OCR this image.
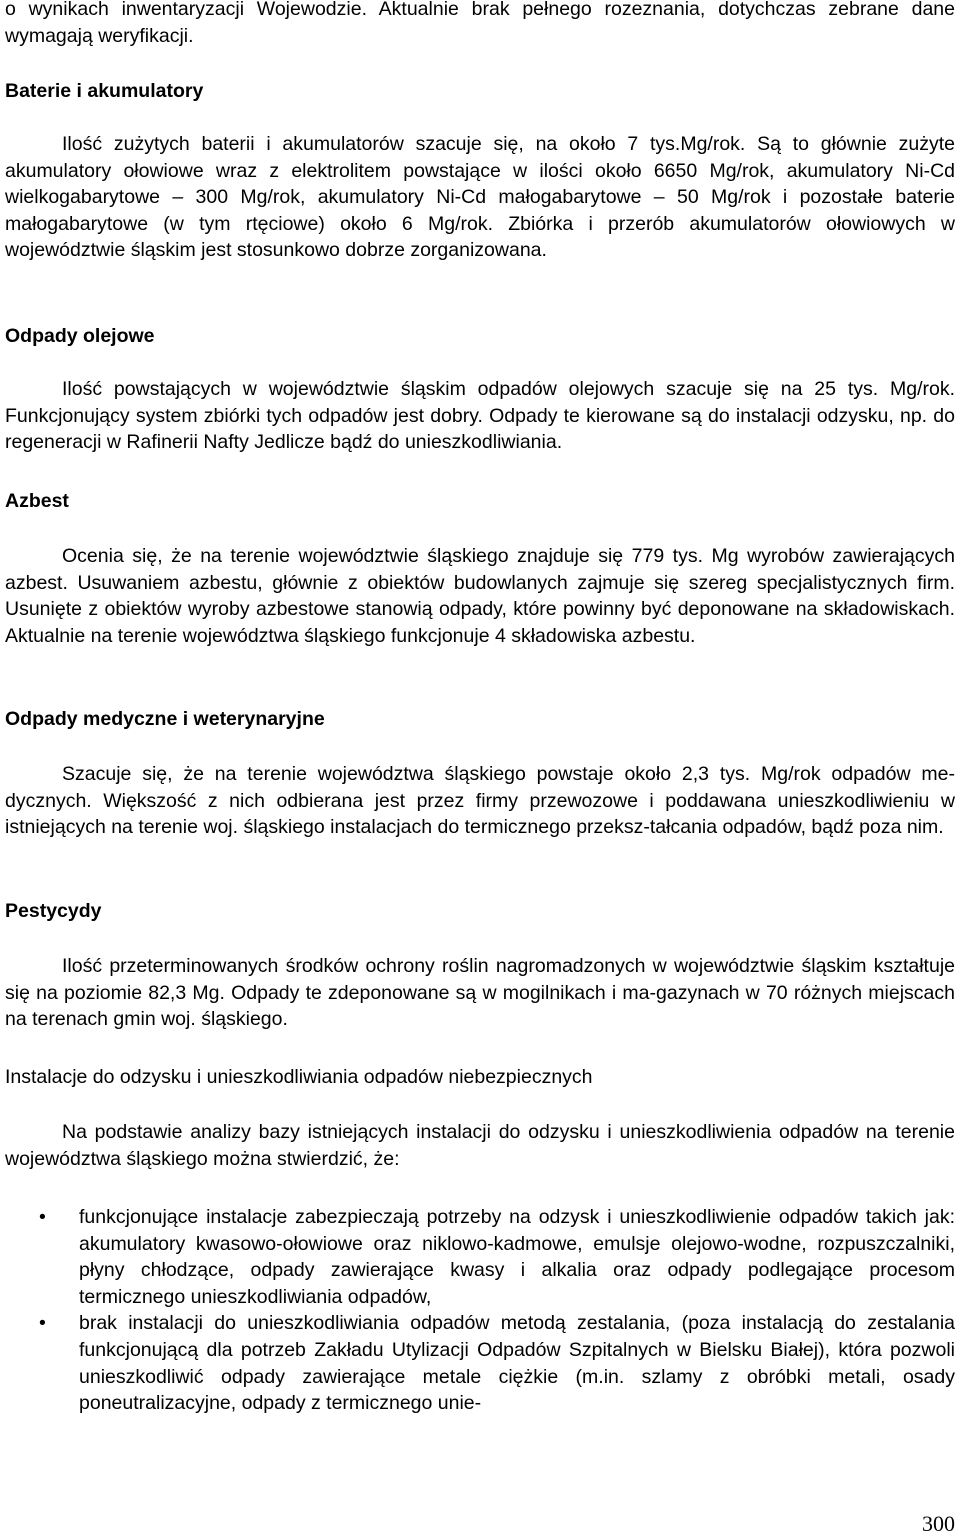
o wynikach inwentaryzacji Wojewodzie. Aktualnie brak pełnego rozeznania, dotychczas zebrane dane wymagają weryfikacji.
Baterie i akumulatory
Ilość zużytych baterii i akumulatorów szacuje się, na około 7 tys.Mg/rok. Są to głównie zużyte akumulatory ołowiowe wraz z elektrolitem powstające w ilości około 6650 Mg/rok, akumulatory Ni-Cd wielkogabarytowe – 300 Mg/rok, akumulatory Ni-Cd małogabarytowe – 50 Mg/rok i pozostałe baterie małogabarytowe (w tym rtęciowe) około 6 Mg/rok. Zbiórka i przerób akumulatorów ołowiowych w województwie śląskim jest stosunkowo dobrze zorganizowana.
Odpady olejowe
Ilość powstających w województwie śląskim odpadów olejowych szacuje się na 25 tys. Mg/rok. Funkcjonujący system zbiórki tych odpadów jest dobry. Odpady te kierowane są do instalacji odzysku, np. do regeneracji w Rafinerii Nafty Jedlicze bądź do unieszkodliwiania.
Azbest
Ocenia się, że na terenie województwie śląskiego znajduje się 779 tys. Mg wyrobów zawierających azbest. Usuwaniem azbestu, głównie z obiektów budowlanych zajmuje się szereg specjalistycznych firm. Usunięte z obiektów wyroby azbestowe stanowią odpady, które powinny być deponowane na składowiskach. Aktualnie na terenie województwa śląskiego funkcjonuje 4 składowiska azbestu.
Odpady medyczne i weterynaryjne
Szacuje się, że na terenie województwa śląskiego powstaje około 2,3 tys. Mg/rok odpadów me-dycznych. Większość z nich odbierana jest przez firmy przewozowe i poddawana unieszkodliwieniu w istniejących na terenie woj. śląskiego instalacjach do termicznego przeksz-tałcania odpadów, bądź poza nim.
Pestycydy
Ilość przeterminowanych środków ochrony roślin nagromadzonych w województwie śląskim kształtuje się na poziomie 82,3 Mg. Odpady te zdeponowane są w mogilnikach i ma-gazynach w 70 różnych miejscach na terenach gmin woj. śląskiego.
Instalacje do odzysku i unieszkodliwiania odpadów niebezpiecznych
Na podstawie analizy bazy istniejących instalacji do odzysku i unieszkodliwienia odpadów na terenie województwa śląskiego można stwierdzić, że:
• funkcjonujące instalacje zabezpieczają potrzeby na odzysk i unieszkodliwienie odpadów takich jak: akumulatory kwasowo-ołowiowe oraz niklowo-kadmowe, emulsje olejowo-wodne, rozpuszczalniki, płyny chłodzące, odpady zawierające kwasy i alkalia oraz odpady podlegające procesom termicznego unieszkodliwiania odpadów,
• brak instalacji do unieszkodliwiania odpadów metodą zestalania, (poza instalacją do zestalania funkcjonującą dla potrzeb Zakładu Utylizacji Odpadów Szpitalnych w Bielsku Białej), która pozwoli unieszkodliwić odpady zawierające metale ciężkie (m.in. szlamy z obróbki metali, osady poneutralizacyjne, odpady z termicznego unie-
300
